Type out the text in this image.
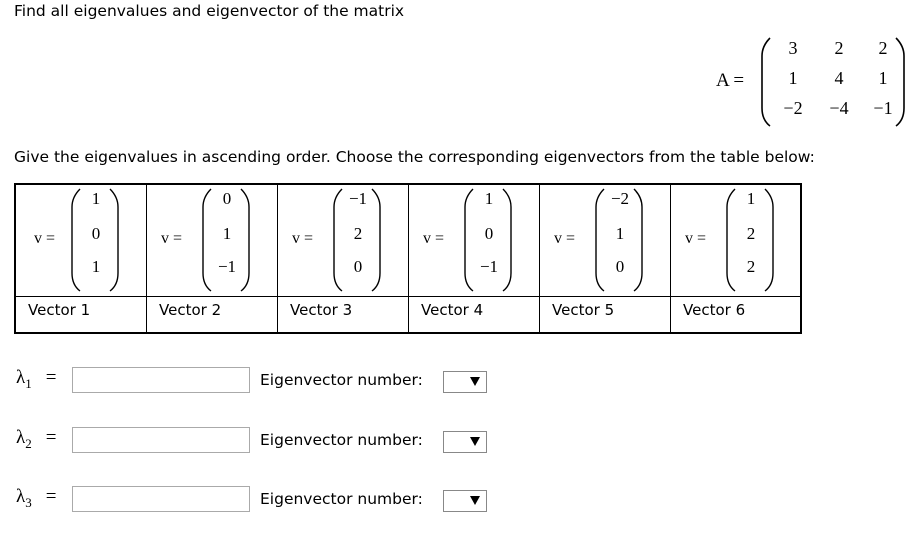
Find all eigenvalues and eigenvector of the matrix
A =
3	2	2
1	4	1
−2	−4	−1
Give the eigenvalues in ascending order. Choose the corresponding eigenvectors from the table below:
v =
1
0
1
Vector 1
v =
0
1
−1
Vector 2
v =
−1
2
0
Vector 3
v =
1
0
−1
Vector 4
v =
−2
1
0
Vector 5
v =
1
2
2
Vector 6
$\lambda_1$ =	Eigenvector number:
$\lambda_2$ =	Eigenvector number:
$\lambda_3$ =	Eigenvector number:
